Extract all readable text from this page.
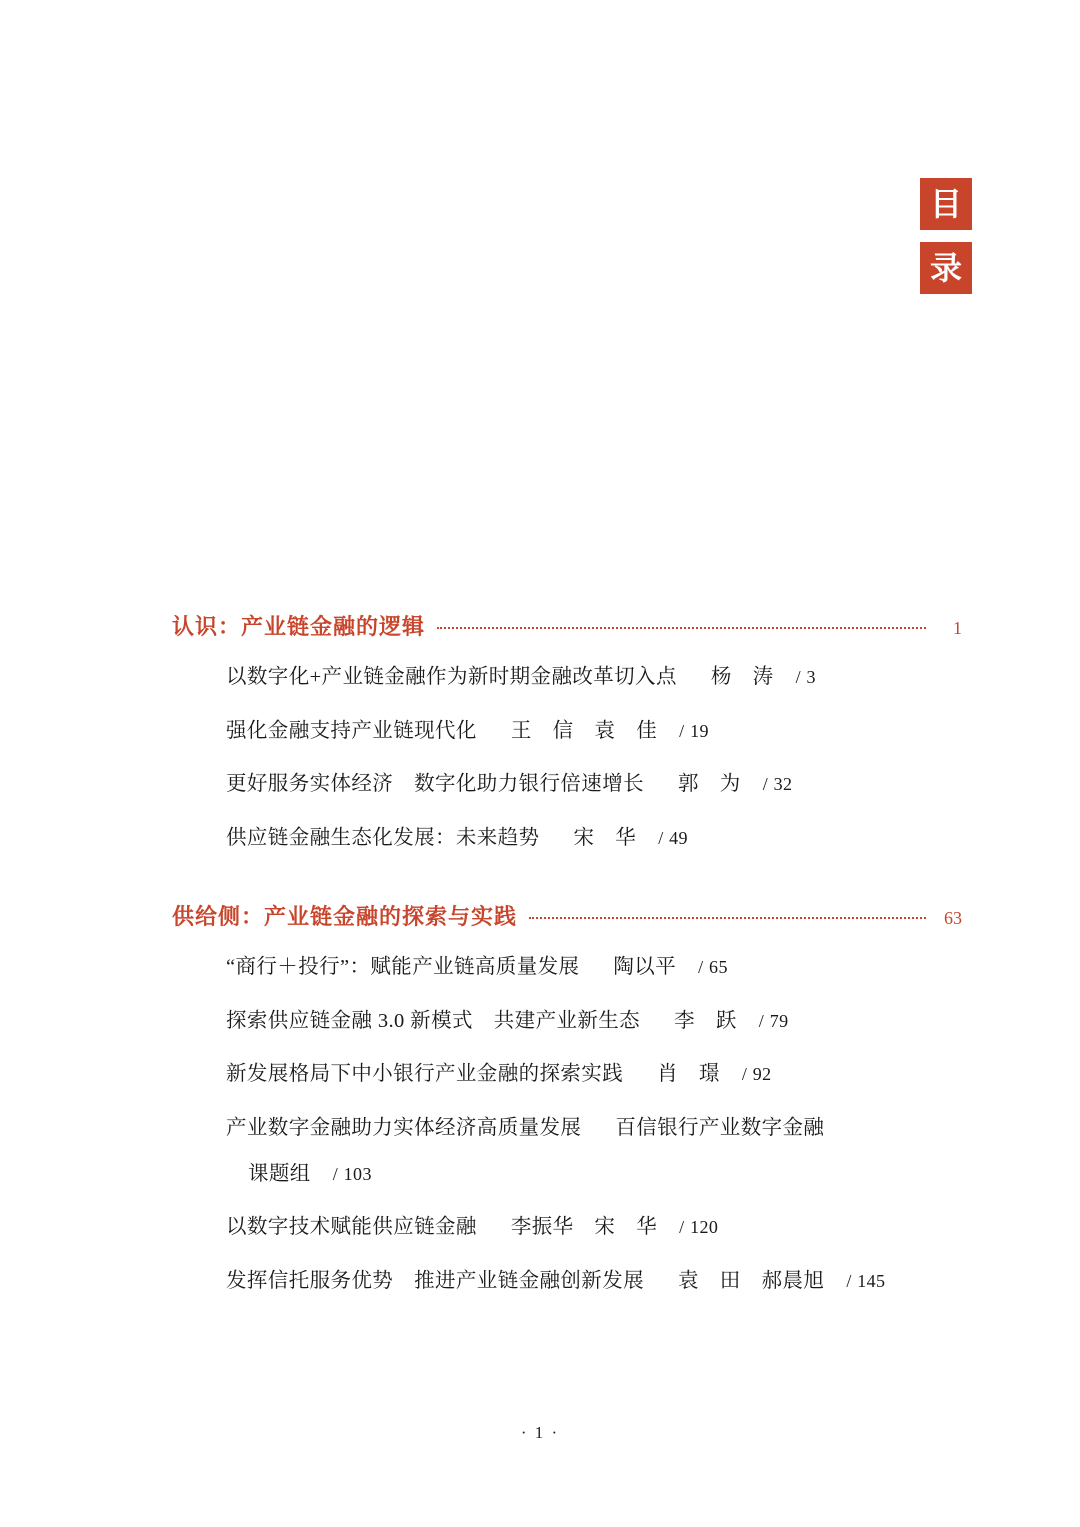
目
录
认识：产业链金融的逻辑	1
以数字化+产业链金融作为新时期金融改革切入点 杨　涛 / 3
强化金融支持产业链现代化 王　信　袁　佳 / 19
更好服务实体经济　数字化助力银行倍速增长 郭　为 / 32
供应链金融生态化发展：未来趋势 宋　华 / 49
供给侧：产业链金融的探索与实践	63
“商行＋投行”：赋能产业链高质量发展 陶以平 / 65
探索供应链金融 3.0 新模式　共建产业新生态 李　跃 / 79
新发展格局下中小银行产业金融的探索实践 肖　璟 / 92
产业数字金融助力实体经济高质量发展 百信银行产业数字金融
课题组 / 103
以数字技术赋能供应链金融 李振华　宋　华 / 120
发挥信托服务优势　推进产业链金融创新发展 袁　田　郝晨旭 / 145
· 1 ·
